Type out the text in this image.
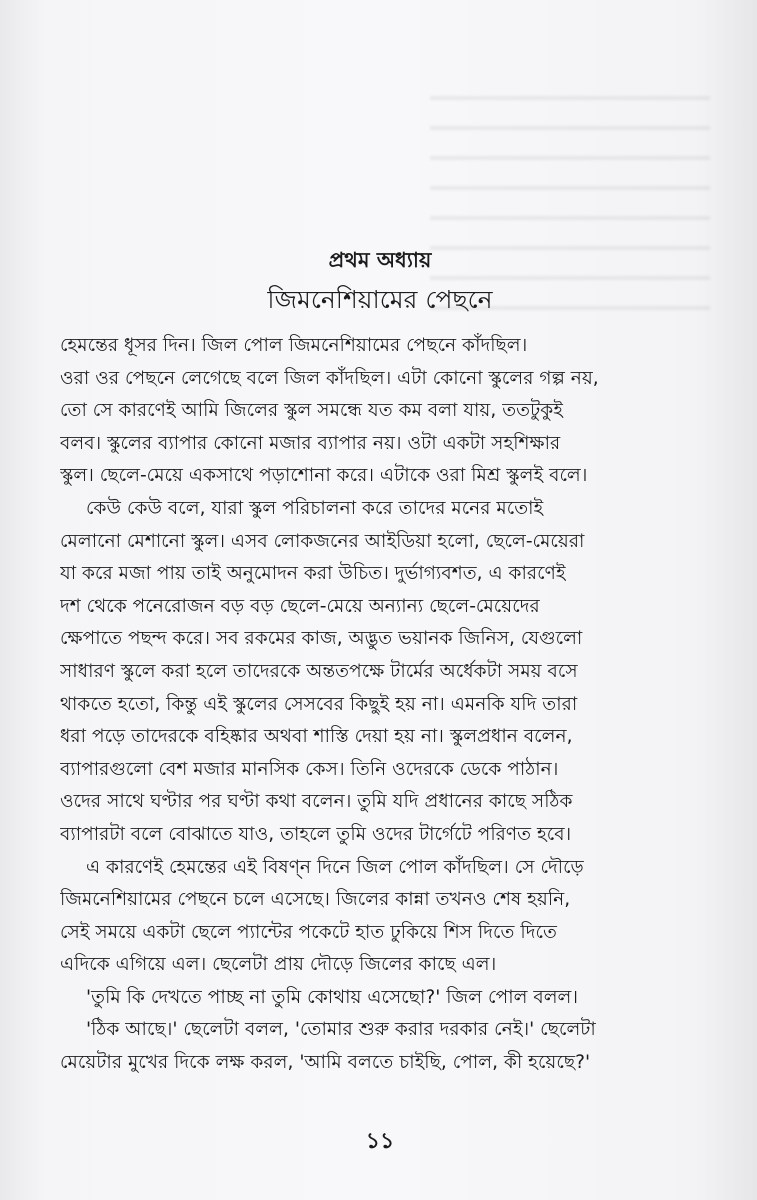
প্রথম অধ্যায়
জিমনেশিয়ামের পেছনে
হেমন্তের ধূসর দিন। জিল পোল জিমনেশিয়ামের পেছনে কাঁদছিল।
ওরা ওর পেছনে লেগেছে বলে জিল কাঁদছিল। এটা কোনো স্কুলের গল্প নয়,
তো সে কারণেই আমি জিলের স্কুল সমন্ধে যত কম বলা যায়, ততটুকুই
বলব। স্কুলের ব্যাপার কোনো মজার ব্যাপার নয়। ওটা একটা সহশিক্ষার
স্কুল। ছেলে-মেয়ে একসাথে পড়াশোনা করে। এটাকে ওরা মিশ্র স্কুলই বলে।
কেউ কেউ বলে, যারা স্কুল পরিচালনা করে তাদের মনের মতোই
মেলানো মেশানো স্কুল। এসব লোকজনের আইডিয়া হলো, ছেলে-মেয়েরা
যা করে মজা পায় তাই অনুমোদন করা উচিত। দুর্ভাগ্যবশত, এ কারণেই
দশ থেকে পনেরোজন বড় বড় ছেলে-মেয়ে অন্যান্য ছেলে-মেয়েদের
ক্ষেপাতে পছন্দ করে। সব রকমের কাজ, অদ্ভুত ভয়ানক জিনিস, যেগুলো
সাধারণ স্কুলে করা হলে তাদেরকে অন্ততপক্ষে টার্মের অর্ধেকটা সময় বসে
থাকতে হতো, কিন্তু এই স্কুলের সেসবের কিছুই হয় না। এমনকি যদি তারা
ধরা পড়ে তাদেরকে বহিষ্কার অথবা শাস্তি দেয়া হয় না। স্কুলপ্রধান বলেন,
ব্যাপারগুলো বেশ মজার মানসিক কেস। তিনি ওদেরকে ডেকে পাঠান।
ওদের সাথে ঘণ্টার পর ঘণ্টা কথা বলেন। তুমি যদি প্রধানের কাছে সঠিক
ব্যাপারটা বলে বোঝাতে যাও, তাহলে তুমি ওদের টার্গেটে পরিণত হবে।
এ কারণেই হেমন্তের এই বিষণ্ন দিনে জিল পোল কাঁদছিল। সে দৌড়ে
জিমনেশিয়ামের পেছনে চলে এসেছে। জিলের কান্না তখনও শেষ হয়নি,
সেই সময়ে একটা ছেলে প্যান্টের পকেটে হাত ঢুকিয়ে শিস দিতে দিতে
এদিকে এগিয়ে এল। ছেলেটা প্রায় দৌড়ে জিলের কাছে এল।
'তুমি কি দেখতে পাচ্ছ না তুমি কোথায় এসেছো?' জিল পোল বলল।
'ঠিক আছে।' ছেলেটা বলল, 'তোমার শুরু করার দরকার নেই।' ছেলেটা
মেয়েটার মুখের দিকে লক্ষ করল, 'আমি বলতে চাইছি, পোল, কী হয়েছে?'
১১
